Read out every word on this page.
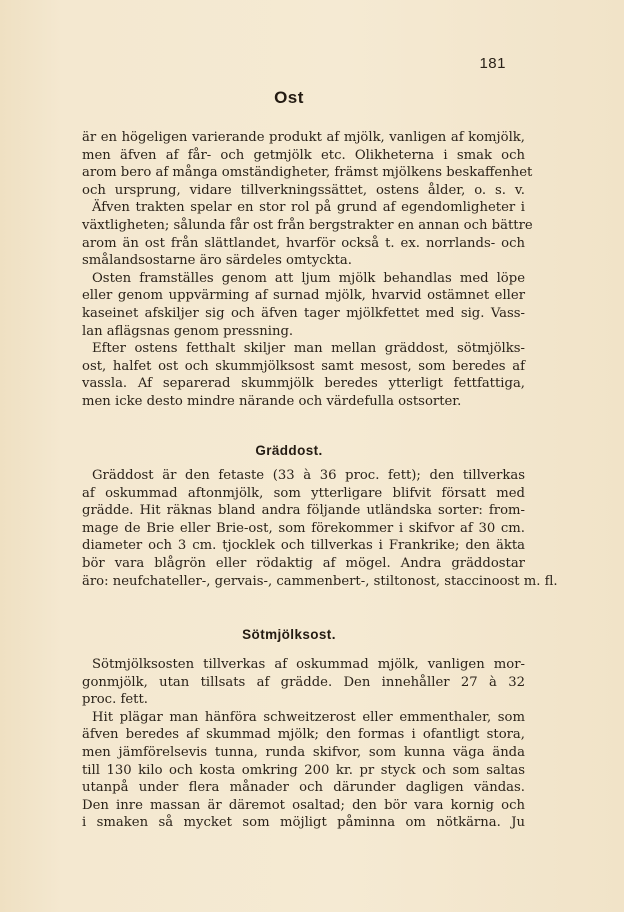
181
Ost
är en högeligen varierande produkt af mjölk, vanligen af komjölk,
men äfven af får- och getmjölk etc. Olikheterna i smak och
arom bero af många omständigheter, främst mjölkens beskaffenhet
och ursprung, vidare tillverkningssättet, ostens ålder, o. s. v.
Äfven trakten spelar en stor rol på grund af egendomligheter i
växtligheten; sålunda får ost från bergstrakter en annan och bättre
arom än ost från slättlandet, hvarför också t. ex. norrlands- och
smålandsostarne äro särdeles omtyckta.
Osten framställes genom att ljum mjölk behandlas med löpe
eller genom uppvärming af surnad mjölk, hvarvid ostämnet eller
kaseinet afskiljer sig och äfven tager mjölkfettet med sig. Vass-
lan aflägsnas genom pressning.
Efter ostens fetthalt skiljer man mellan gräddost, sötmjölks-
ost, halfet ost och skummjölksost samt mesost, som beredes af
vassla. Af separerad skummjölk beredes ytterligt fettfattiga,
men icke desto mindre närande och värdefulla ostsorter.
Gräddost.
Gräddost är den fetaste (33 à 36 proc. fett); den tillverkas
af oskummad aftonmjölk, som ytterligare blifvit försatt med
grädde. Hit räknas bland andra följande utländska sorter: from-
mage de Brie eller Brie-ost, som förekommer i skifvor af 30 cm.
diameter och 3 cm. tjocklek och tillverkas i Frankrike; den äkta
bör vara blågrön eller rödaktig af mögel. Andra gräddostar
äro: neufchateller-, gervais-, cammenbert-, stiltonost, staccinoost m. fl.
Sötmjölksost.
Sötmjölksosten tillverkas af oskummad mjölk, vanligen mor-
gonmjölk, utan tillsats af grädde. Den innehåller 27 à 32
proc. fett.
Hit plägar man hänföra schweitzerost eller emmenthaler, som
äfven beredes af skummad mjölk; den formas i ofantligt stora,
men jämförelsevis tunna, runda skifvor, som kunna väga ända
till 130 kilo och kosta omkring 200 kr. pr styck och som saltas
utanpå under flera månader och därunder dagligen vändas.
Den inre massan är däremot osaltad; den bör vara kornig och
i smaken så mycket som möjligt påminna om nötkärna. Ju
